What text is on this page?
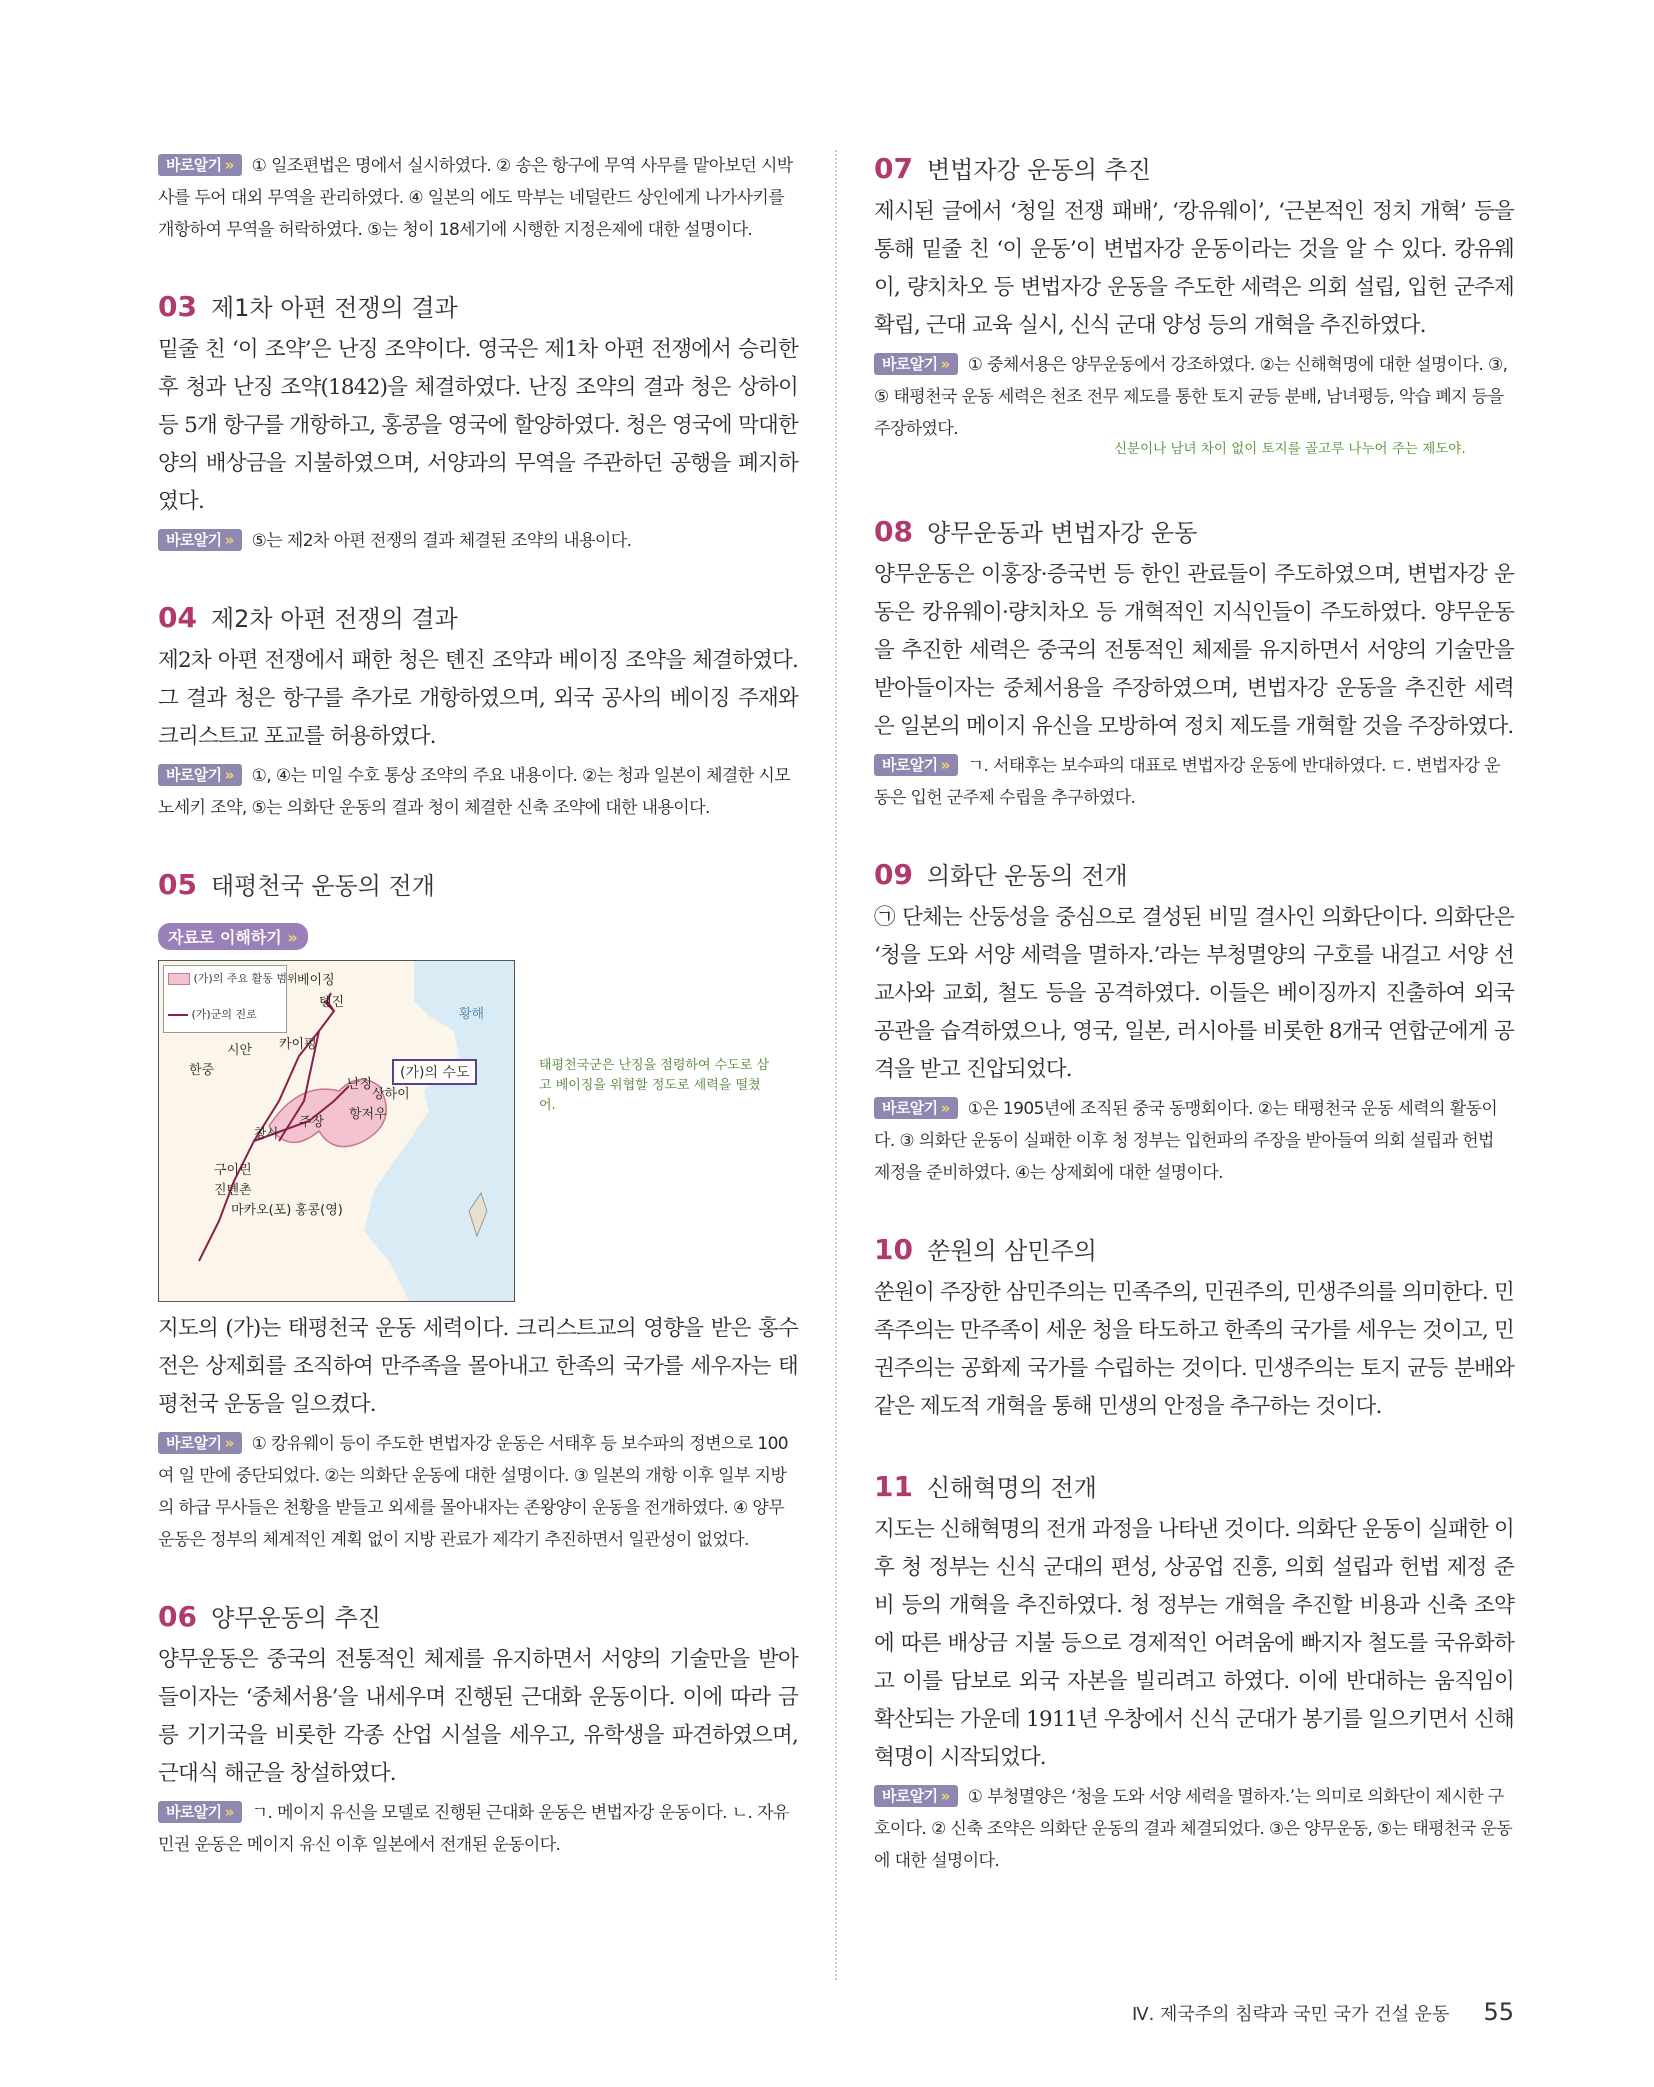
바로알기 » ① 일조편법은 명에서 실시하였다. ② 송은 항구에 무역 사무를 맡아보던 시박사를 두어 대외 무역을 관리하였다. ④ 일본의 에도 막부는 네덜란드 상인에게 나가사키를 개항하여 무역을 허락하였다. ⑤는 청이 18세기에 시행한 지정은제에 대한 설명이다.

03 제1차 아편 전쟁의 결과

밑줄 친 ‘이 조약’은 난징 조약이다. 영국은 제1차 아편 전쟁에서 승리한 후 청과 난징 조약(1842)을 체결하였다. 난징 조약의 결과 청은 상하이 등 5개 항구를 개항하고, 홍콩을 영국에 할양하였다. 청은 영국에 막대한 양의 배상금을 지불하였으며, 서양과의 무역을 주관하던 공행을 폐지하였다.

바로알기 » ⑤는 제2차 아편 전쟁의 결과 체결된 조약의 내용이다.

04 제2차 아편 전쟁의 결과

제2차 아편 전쟁에서 패한 청은 톈진 조약과 베이징 조약을 체결하였다. 그 결과 청은 항구를 추가로 개항하였으며, 외국 공사의 베이징 주재와 크리스트교 포교를 허용하였다.

바로알기 » ①, ④는 미일 수호 통상 조약의 주요 내용이다. ②는 청과 일본이 체결한 시모노세키 조약, ⑤는 의화단 운동의 결과 청이 체결한 신축 조약에 대한 내용이다.

05 태평천국 운동의 전개
자료로 이해하기 »
(가)의 주요 활동 범위
(가)군의 진로
베이징
톈진
황해
시안 카이펑
한중	(가)의 수도
난징
상하이
항저우
주장
창사
구이린
진톈촌
마카오(포) 홍콩(영)
태평천국군은 난징을 점령하여 수도로 삼고 베이징을 위협할 정도로 세력을 떨쳤어.

지도의 (가)는 태평천국 운동 세력이다. 크리스트교의 영향을 받은 홍수전은 상제회를 조직하여 만주족을 몰아내고 한족의 국가를 세우자는 태평천국 운동을 일으켰다.

바로알기 » ① 캉유웨이 등이 주도한 변법자강 운동은 서태후 등 보수파의 정변으로 100여 일 만에 중단되었다. ②는 의화단 운동에 대한 설명이다. ③ 일본의 개항 이후 일부 지방의 하급 무사들은 천황을 받들고 외세를 몰아내자는 존왕양이 운동을 전개하였다. ④ 양무운동은 정부의 체계적인 계획 없이 지방 관료가 제각기 추진하면서 일관성이 없었다.

06 양무운동의 추진

양무운동은 중국의 전통적인 체제를 유지하면서 서양의 기술만을 받아들이자는 ‘중체서용’을 내세우며 진행된 근대화 운동이다. 이에 따라 금릉 기기국을 비롯한 각종 산업 시설을 세우고, 유학생을 파견하였으며, 근대식 해군을 창설하였다.

바로알기 » ㄱ. 메이지 유신을 모델로 진행된 근대화 운동은 변법자강 운동이다. ㄴ. 자유 민권 운동은 메이지 유신 이후 일본에서 전개된 운동이다.

07 변법자강 운동의 추진

제시된 글에서 ‘청일 전쟁 패배’, ‘캉유웨이’, ‘근본적인 정치 개혁’ 등을 통해 밑줄 친 ‘이 운동’이 변법자강 운동이라는 것을 알 수 있다. 캉유웨이, 량치차오 등 변법자강 운동을 주도한 세력은 의회 설립, 입헌 군주제 확립, 근대 교육 실시, 신식 군대 양성 등의 개혁을 추진하였다.

바로알기 » ① 중체서용은 양무운동에서 강조하였다. ②는 신해혁명에 대한 설명이다. ③, ⑤ 태평천국 운동 세력은 천조 전무 제도를 통한 토지 균등 분배, 남녀평등, 악습 폐지 등을 주장하였다.

신분이나 남녀 차이 없이 토지를 골고루 나누어 주는 제도야.
08 양무운동과 변법자강 운동

양무운동은 이홍장·증국번 등 한인 관료들이 주도하였으며, 변법자강 운동은 캉유웨이·량치차오 등 개혁적인 지식인들이 주도하였다. 양무운동을 추진한 세력은 중국의 전통적인 체제를 유지하면서 서양의 기술만을 받아들이자는 중체서용을 주장하였으며, 변법자강 운동을 추진한 세력은 일본의 메이지 유신을 모방하여 정치 제도를 개혁할 것을 주장하였다.

바로알기 » ㄱ. 서태후는 보수파의 대표로 변법자강 운동에 반대하였다. ㄷ. 변법자강 운동은 입헌 군주제 수립을 추구하였다.

09 의화단 운동의 전개

㉠ 단체는 산둥성을 중심으로 결성된 비밀 결사인 의화단이다. 의화단은 ‘청을 도와 서양 세력을 멸하자.’라는 부청멸양의 구호를 내걸고 서양 선교사와 교회, 철도 등을 공격하였다. 이들은 베이징까지 진출하여 외국 공관을 습격하였으나, 영국, 일본, 러시아를 비롯한 8개국 연합군에게 공격을 받고 진압되었다.

바로알기 » ①은 1905년에 조직된 중국 동맹회이다. ②는 태평천국 운동 세력의 활동이다. ③ 의화단 운동이 실패한 이후 청 정부는 입헌파의 주장을 받아들여 의회 설립과 헌법 제정을 준비하였다. ④는 상제회에 대한 설명이다.

10 쑨원의 삼민주의

쑨원이 주장한 삼민주의는 민족주의, 민권주의, 민생주의를 의미한다. 민족주의는 만주족이 세운 청을 타도하고 한족의 국가를 세우는 것이고, 민권주의는 공화제 국가를 수립하는 것이다. 민생주의는 토지 균등 분배와 같은 제도적 개혁을 통해 민생의 안정을 추구하는 것이다.

11 신해혁명의 전개

지도는 신해혁명의 전개 과정을 나타낸 것이다. 의화단 운동이 실패한 이후 청 정부는 신식 군대의 편성, 상공업 진흥, 의회 설립과 헌법 제정 준비 등의 개혁을 추진하였다. 청 정부는 개혁을 추진할 비용과 신축 조약에 따른 배상금 지불 등으로 경제적인 어려움에 빠지자 철도를 국유화하고 이를 담보로 외국 자본을 빌리려고 하였다. 이에 반대하는 움직임이 확산되는 가운데 1911년 우창에서 신식 군대가 봉기를 일으키면서 신해혁명이 시작되었다.

바로알기 » ① 부청멸양은 ‘청을 도와 서양 세력을 멸하자.’는 의미로 의화단이 제시한 구호이다. ② 신축 조약은 의화단 운동의 결과 체결되었다. ③은 양무운동, ⑤는 태평천국 운동에 대한 설명이다.

Ⅳ. 제국주의 침략과 국민 국가 건설 운동 55
